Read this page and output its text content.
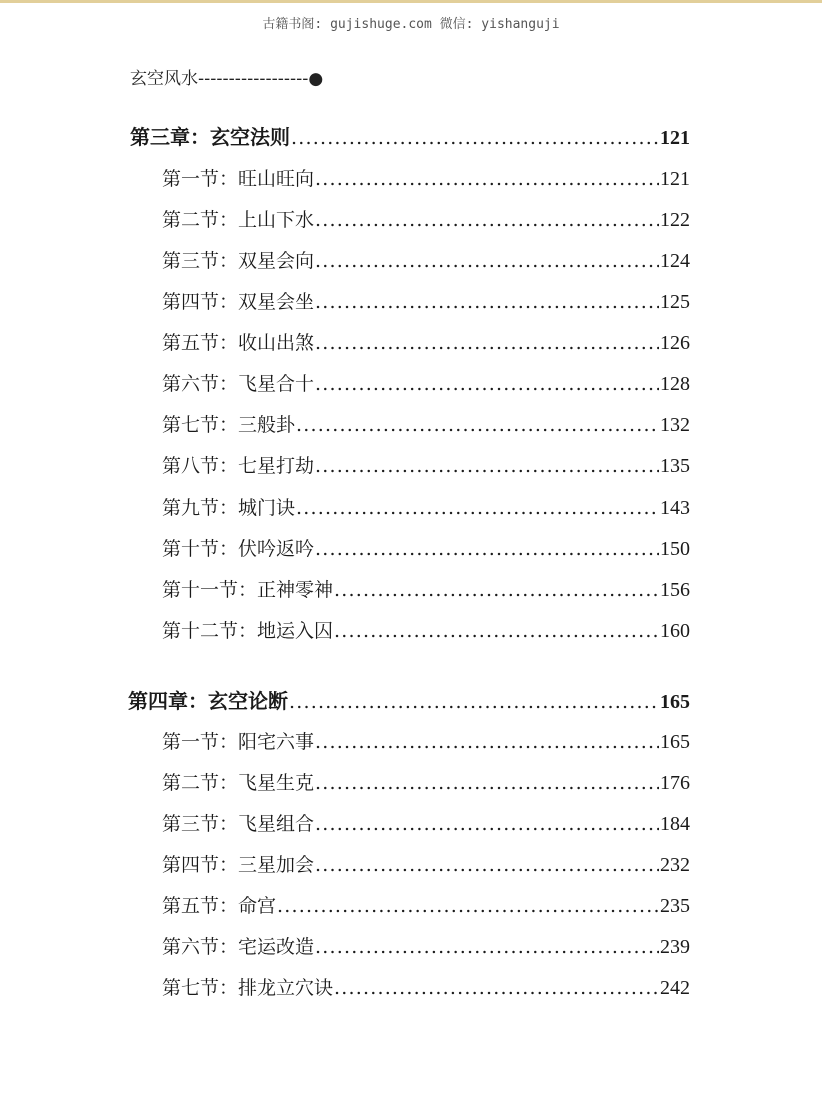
古籍书阁: gujishuge.com 微信: yishanguji
玄空风水------------------●
第三章：玄空法则 .....	121
第一节：旺山旺向 .....	121
第二节：上山下水 .....	122
第三节：双星会向 .....	124
第四节：双星会坐 .....	125
第五节：收山出煞 .....	126
第六节：飞星合十 .....	128
第七节：三般卦 .....	132
第八节：七星打劫 .....	135
第九节：城门诀 .....	143
第十节：伏吟返吟 .....	150
第十一节：正神零神 .....	156
第十二节：地运入囚 .....	160
第四章：玄空论断 .....	165
第一节：阳宅六事 .....	165
第二节：飞星生克 .....	176
第三节：飞星组合 .....	184
第四节：三星加会 .....	232
第五节：命宫 .....	235
第六节：宅运改造 .....	239
第七节：排龙立穴诀 .....	242
